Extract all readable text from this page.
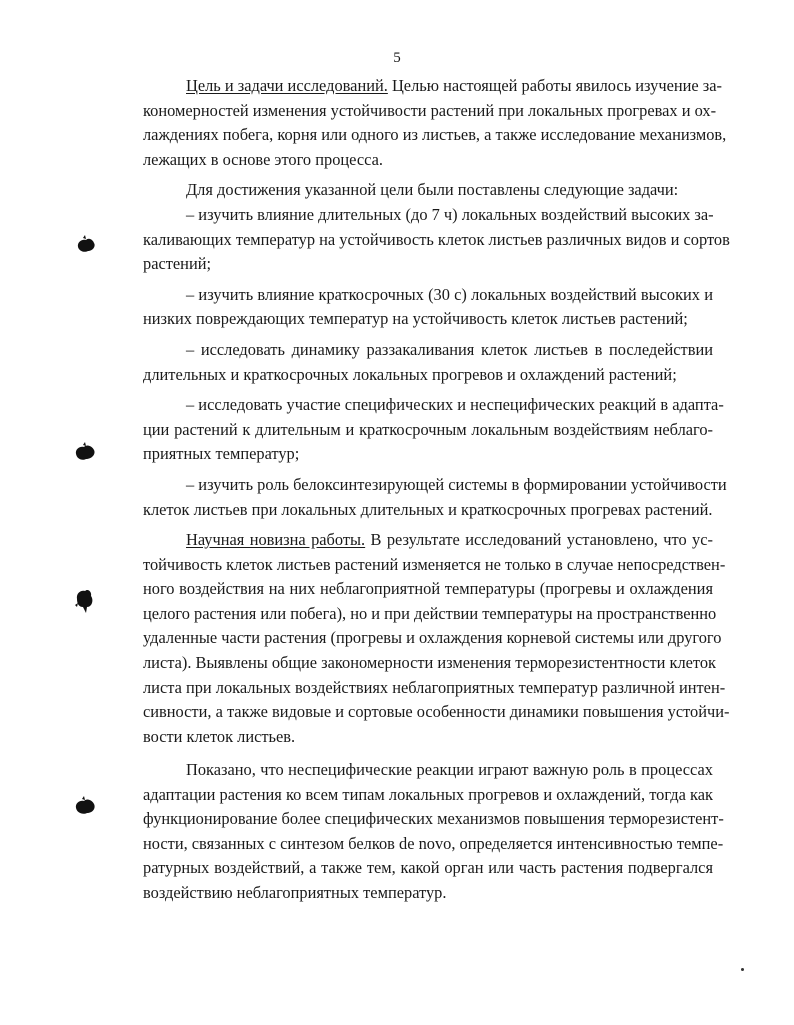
5
Цель и задачи исследований. Целью настоящей работы явилось изучение за-
кономерностей изменения устойчивости растений при локальных прогревах и ох-
лаждениях побега, корня или одного из листьев, а также исследование механизмов,
лежащих в основе этого процесса.
Для достижения указанной цели были поставлены следующие задачи:
– изучить влияние длительных (до 7 ч) локальных воздействий высоких за-
каливающих температур на устойчивость клеток листьев различных видов и сортов
растений;
– изучить влияние краткосрочных (30 с) локальных воздействий высоких и
низких повреждающих температур на устойчивость клеток листьев растений;
– исследовать динамику раззакаливания клеток листьев в последействии
длительных и краткосрочных локальных прогревов и охлаждений растений;
– исследовать участие специфических и неспецифических реакций в адапта-
ции растений к длительным и краткосрочным локальным воздействиям неблаго-
приятных температур;
– изучить роль белоксинтезирующей системы в формировании устойчивости
клеток листьев при локальных длительных и краткосрочных прогревах растений.
Научная новизна работы. В результате исследований установлено, что ус-
тойчивость клеток листьев растений изменяется не только в случае непосредствен-
ного воздействия на них неблагоприятной температуры (прогревы и охлаждения
целого растения или побега), но и при действии температуры на пространственно
удаленные части растения (прогревы и охлаждения корневой системы или другого
листа). Выявлены общие закономерности изменения терморезистентности клеток
листа при локальных воздействиях неблагоприятных температур различной интен-
сивности, а также видовые и сортовые особенности динамики повышения устойчи-
вости клеток листьев.
Показано, что неспецифические реакции играют важную роль в процессах
адаптации растения ко всем типам локальных прогревов и охлаждений, тогда как
функционирование более специфических механизмов повышения терморезистент-
ности, связанных с синтезом белков de novo, определяется интенсивностью темпе-
ратурных воздействий, а также тем, какой орган или часть растения подвергался
воздействию неблагоприятных температур.
